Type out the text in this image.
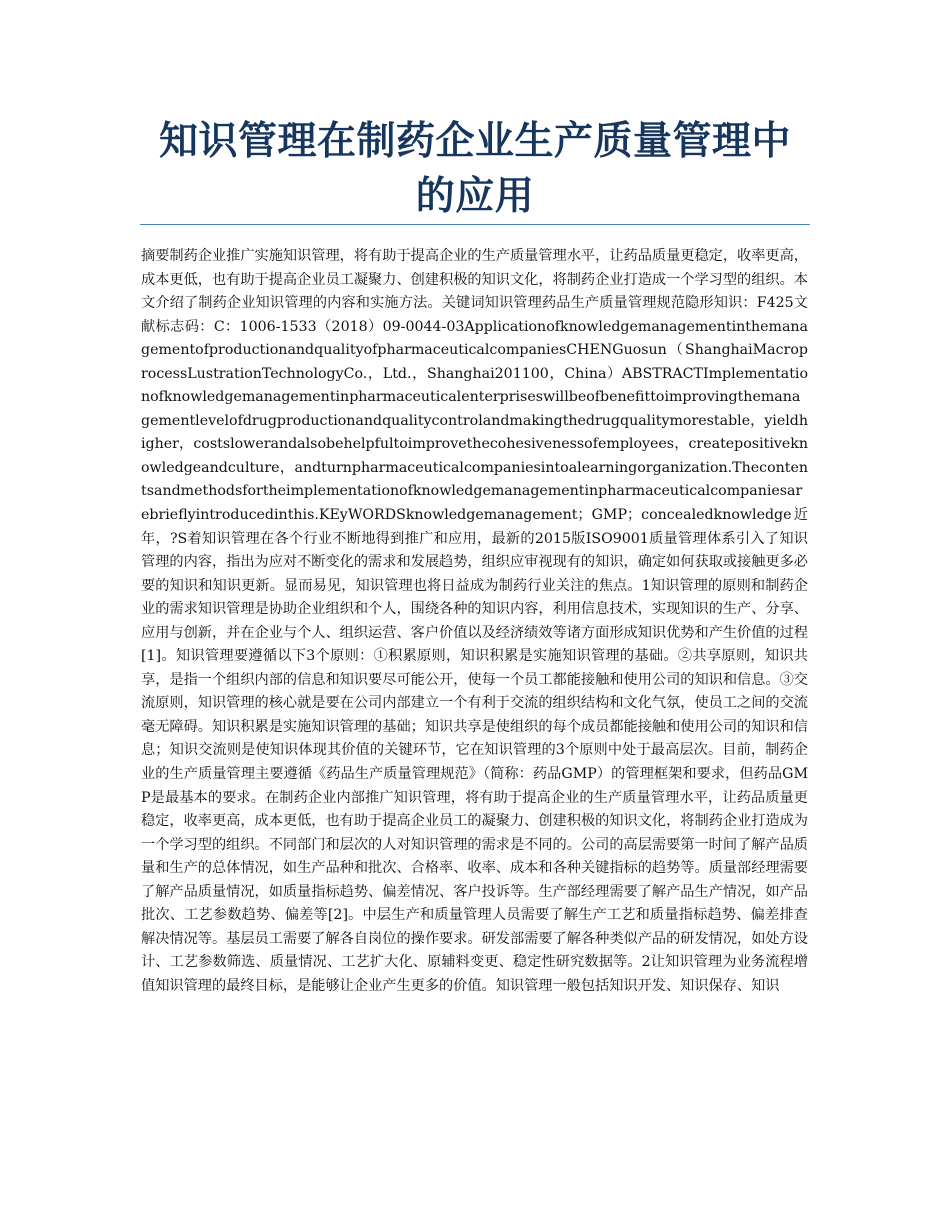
知识管理在制药企业生产质量管理中的应用

摘要制药企业推广实施知识管理，将有助于提高企业的生产质量管理水平，让药品质量更稳定，收率更高，成本更低，也有助于提高企业员工凝聚力、创建积极的知识文化，将制药企业打造成一个学习型的组织。本文介绍了制药企业知识管理的内容和实施方法。关键词知识管理药品生产质量管理规范隐形知识：F425文献标志码：C：1006-1533（2018）09-0044-03ApplicationofknowledgemanagementinthemanagementofproductionandqualityofpharmaceuticalcompaniesCHENGuosun（ShanghaiMacroprocessLustrationTechnologyCo.，Ltd.，Shanghai201100，China）ABSTRACTImplementationofknowledgemanagementinpharmaceuticalenterpriseswillbeofbenefittoimprovingthemanagementlevelofdrugproductionandqualitycontrolandmakingthedrugqualitymorestable，yieldhigher，costslowerandalsobehelpfultoimprovethecohesivenessofemployees，createpositiveknowledgeandculture，andturnpharmaceuticalcompaniesintoalearningorganization.Thecontentsandmethodsfortheimplementationofknowledgemanagementinpharmaceuticalcompaniesarebrieflyintroducedinthis.KEyWORDSknowledgemanagement；GMP；concealedknowledge近年，?S着知识管理在各个行业不断地得到推广和应用，最新的2015版ISO9001质量管理体系引入了知识管理的内容，指出为应对不断变化的需求和发展趋势，组织应审视现有的知识，确定如何获取或接触更多必要的知识和知识更新。显而易见，知识管理也将日益成为制药行业关注的焦点。1知识管理的原则和制药企业的需求知识管理是协助企业组织和个人，围绕各种的知识内容，利用信息技术，实现知识的生产、分享、应用与创新，并在企业与个人、组织运营、客户价值以及经济绩效等诸方面形成知识优势和产生价值的过程[1]。知识管理要遵循以下3个原则：①积累原则，知识积累是实施知识管理的基础。②共享原则，知识共享，是指一个组织内部的信息和知识要尽可能公开，使每一个员工都能接触和使用公司的知识和信息。③交流原则，知识管理的核心就是要在公司内部建立一个有利于交流的组织结构和文化气氛，使员工之间的交流毫无障碍。知识积累是实施知识管理的基础；知识共享是使组织的每个成员都能接触和使用公司的知识和信息；知识交流则是使知识体现其价值的关键环节，它在知识管理的3个原则中处于最高层次。目前，制药企业的生产质量管理主要遵循《药品生产质量管理规范》（简称：药品GMP）的管理框架和要求，但药品GMP是最基本的要求。在制药企业内部推广知识管理，将有助于提高企业的生产质量管理水平，让药品质量更稳定，收率更高，成本更低，也有助于提高企业员工的凝聚力、创建积极的知识文化，将制药企业打造成为一个学习型的组织。不同部门和层次的人对知识管理的需求是不同的。公司的高层需要第一时间了解产品质量和生产的总体情况，如生产品种和批次、合格率、收率、成本和各种关键指标的趋势等。质量部经理需要了解产品质量情况，如质量指标趋势、偏差情况、客户投诉等。生产部经理需要了解产品生产情况，如产品批次、工艺参数趋势、偏差等[2]。中层生产和质量管理人员需要了解生产工艺和质量指标趋势、偏差排查解决情况等。基层员工需要了解各自岗位的操作要求。研发部需要了解各种类似产品的研发情况，如处方设计、工艺参数筛选、质量情况、工艺扩大化、原辅料变更、稳定性研究数据等。2让知识管理为业务流程增值知识管理的最终目标，是能够让企业产生更多的价值。知识管理一般包括知识开发、知识保存、知识
